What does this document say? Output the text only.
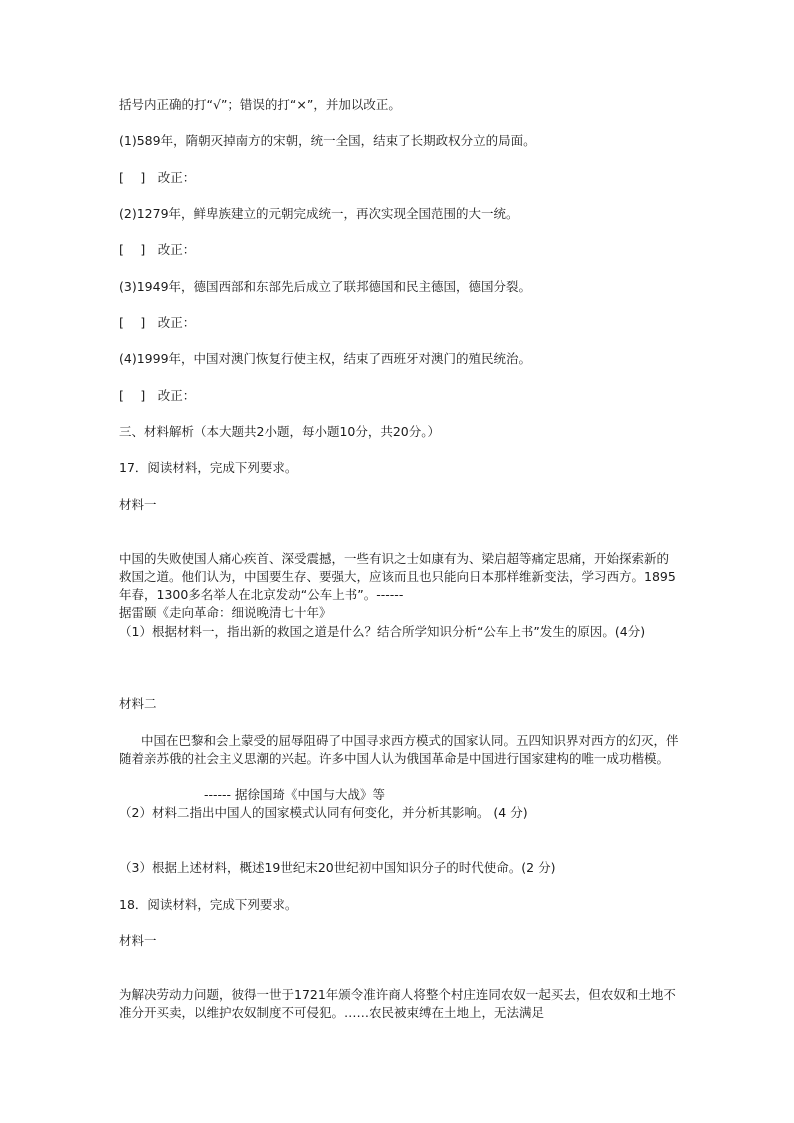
括号内正确的打“√”；错误的打“×”，并加以改正。
(1)589年，隋朝灭掉南方的宋朝，统一全国，结束了长期政权分立的局面。
[　 ]　改正：
(2)1279年，鲜卑族建立的元朝完成统一，再次实现全国范围的大一统。
[　 ]　改正：
(3)1949年，德国西部和东部先后成立了联邦德国和民主德国，德国分裂。
[　 ]　改正：
(4)1999年，中国对澳门恢复行使主权，结束了西班牙对澳门的殖民统治。
[　 ]　改正：
三、材料解析（本大题共2小题，每小题10分，共20分。）
17．阅读材料，完成下列要求。
材料一
中国的失败使国人痛心疾首、深受震撼，一些有识之士如康有为、梁启超等痛定思痛，开始探索新的救国之道。他们认为，中国要生存、要强大，应该而且也只能向日本那样维新变法，学习西方。1895年春，1300多名举人在北京发动“公车上书”。------
据雷颐《走向革命：细说晚清七十年》
（1）根据材料一，指出新的救国之道是什么？结合所学知识分析“公车上书”发生的原因。(4分)
材料二
中国在巴黎和会上蒙受的屈辱阻碍了中国寻求西方模式的国家认同。五四知识界对西方的幻灭，伴随着亲苏俄的社会主义思潮的兴起。许多中国人认为俄国革命是中国进行国家建构的唯一成功楷模。
------ 据徐国琦《中国与大战》等
（2）材料二指出中国人的国家模式认同有何变化，并分析其影响。 (4 分)
（3）根据上述材料，概述19世纪末20世纪初中国知识分子的时代使命。(2 分)
18．阅读材料，完成下列要求。
材料一
为解决劳动力问题，彼得一世于1721年颁令准许商人将整个村庄连同农奴一起买去，但农奴和土地不准分开买卖，以维护农奴制度不可侵犯。……农民被束缚在土地上，无法满足
